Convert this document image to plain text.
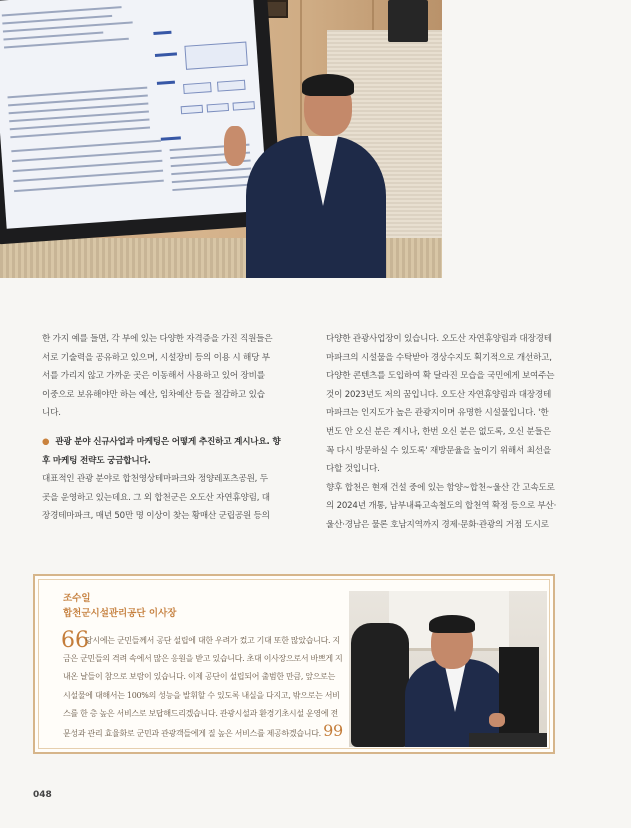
한 가지 예를 들면, 각 부에 있는 다양한 자격증을 가진 직원들은

서로 기술력을 공유하고 있으며, 시설장비 등의 이용 시 해당 부

서를 가리지 않고 가까운 곳은 이동해서 사용하고 있어 장비를

이중으로 보유해야만 하는 예산, 임차예산 등을 절감하고 있습

니다.

● 관광 분야 신규사업과 마케팅은 어떻게 추진하고 계시나요. 향후 마케팅 전략도 궁금합니다.

대표적인 관광 분야로 합천영상테마파크와 정양레포츠공원, 두

곳을 운영하고 있는데요. 그 외 합천군은 오도산 자연휴양림, 대

장경테마파크, 매년 50만 명 이상이 찾는 황매산 군립공원 등의

다양한 관광사업장이 있습니다. 오도산 자연휴양림과 대장경테

마파크의 시설물을 수탁받아 경상수지도 획기적으로 개선하고,

다양한 콘텐츠를 도입하여 확 달라진 모습을 국민에게 보여주는

것이 2023년도 저의 꿈입니다. 오도산 자연휴양림과 대장경테

마파크는 인지도가 높은 관광지이며 유명한 시설물입니다. '한

번도 안 오신 분은 계시나, 한번 오신 분은 없도록, 오신 분들은

꼭 다시 방문하실 수 있도록' 재방문율을 높이기 위해서 최선을

다할 것입니다.

향후 합천은 현재 건설 중에 있는 함양~합천~울산 간 고속도로

의 2024년 개통, 남부내륙고속철도의 합천역 확정 등으로 부산·

울산·경남은 물론 호남지역까지 경제·문화·관광의 거점 도시로

조수일
합천군시설관리공단 이사장
66
당시에는 군민들께서 공단 설립에 대한 우려가 컸고 기대 또한 많았습니다. 지금은 군민들의 격려 속에서 많은 응원을 받고 있습니다. 초대 이사장으로서 바쁘게 지내온 날들이 참으로 보람이 있습니다. 이제 공단이 설립되어 출범한 만큼, 앞으로는 시설물에 대해서는 100%의 성능을 발휘할 수 있도록 내실을 다지고, 밖으로는 서비스를 한 층 높은 서비스로 보답해드리겠습니다. 관광시설과 환경기초시설 운영에 전문성과 관리 효율화로 군민과 관광객들에게 질 높은 서비스를 제공하겠습니다. 99
048
